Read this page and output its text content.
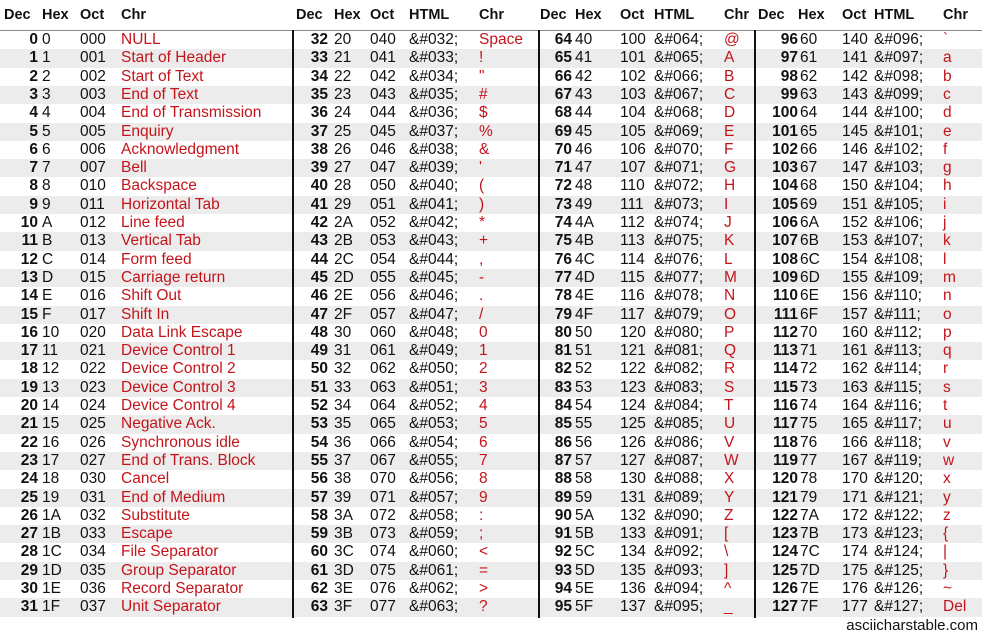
Dec Hex Oct Chr
0 0	000 NULL
1 1	001 Start of Header
2 2	002 Start of Text
3 3	003 End of Text
4 4	004 End of Transmission
5 5	005 Enquiry
6 6	006 Acknowledgment
7 7	007 Bell
8 8	010 Backspace
9 9	011	Horizontal Tab
10 A	012 Line feed
11 B	013 Vertical Tab
12 C	014 Form feed
13 D	015 Carriage return
14 E	016 Shift Out
15 F	017 Shift In
16 10	020 Data Link Escape
17 11	021 Device Control 1
18 12	022 Device Control 2
19 13	023 Device Control 3
20 14	024 Device Control 4
21 15	025 Negative Ack.
22 16	026 Synchronous idle
23 17	027 End of Trans. Block
24 18	030 Cancel
25 19	031 End of Medium
26 1A	032 Substitute
27 1B	033 Escape
28 1C	034 File Separator
29 1D	035 Group Separator
30 1E	036 Record Separator
31 1F	037 Unit Separator
Dec Hex Oct HTML Chr
32 20	040 &#032;	Space
33 21	041 &#033;	!
34 22	042 &#034;	"
35 23	043 &#035;	#
36 24	044 &#036;	$
37 25	045 &#037;	%
38 26	046 &#038;	&
39 27	047 &#039;	'
40 28	050 &#040;	(
41 29	051 &#041;	)
42 2A	052 &#042;	*
43 2B	053 &#043;	+
44 2C	054 &#044;	,
45 2D	055 &#045;	-
46 2E	056 &#046;	.
47 2F	057 &#047;	/
48 30	060 &#048;	0
49 31	061 &#049;	1
50 32	062 &#050;	2
51 33	063 &#051;	3
52 34	064 &#052;	4
53 35	065 &#053;	5
54 36	066 &#054;	6
55 37	067 &#055;	7
56 38	070 &#056;	8
57 39	071 &#057;	9
58 3A	072 &#058;	:
59 3B	073 &#059;	;
60 3C	074 &#060;	<
61 3D	075 &#061;	=
62 3E	076 &#062;	>
63 3F	077 &#063;	?
Dec Hex Oct HTML Chr
64 40	100 &#064;	@
65 41	101 &#065;	A
66 42	102 &#066;	B
67 43	103 &#067;	C
68 44	104 &#068;	D
69 45	105 &#069;	E
70 46	106 &#070;	F
71 47	107 &#071;	G
72 48	110 &#072;	H
73 49	111 &#073;	I
74 4A	112 &#074;	J
75 4B	113 &#075;	K
76 4C	114 &#076;	L
77 4D	115 &#077;	M
78 4E	116 &#078;	N
79 4F	117 &#079;	O
80 50	120 &#080;	P
81 51	121 &#081;	Q
82 52	122 &#082;	R
83 53	123 &#083;	S
84 54	124 &#084;	T
85 55	125 &#085;	U
86 56	126 &#086;	V
87 57	127 &#087;	W
88 58	130 &#088;	X
89 59	131 &#089;	Y
90 5A	132 &#090;	Z
91 5B	133 &#091;	[
92 5C	134 &#092;	\
93 5D	135 &#093;	]
94 5E	136 &#094;	^
95 5F	137 &#095;	_
Dec Hex Oct HTML Chr
96 60	140 &#096;	`
97 61	141 &#097;	a
98 62	142 &#098;	b
99 63	143 &#099;	c
100 64	144 &#100;	d
101 65	145 &#101;	e
102 66	146 &#102;	f
103 67	147 &#103;	g
104 68	150 &#104;	h
105 69	151 &#105;	i
106 6A	152 &#106;	j
107 6B	153 &#107;	k
108 6C	154 &#108;	l
109 6D	155 &#109;	m
110 6E	156 &#110;	n
111 6F	157 &#111;	o
112 70	160 &#112;	p
113 71	161 &#113;	q
114 72	162 &#114;	r
115 73	163 &#115;	s
116 74	164 &#116;	t
117 75	165 &#117;	u
118 76	166 &#118;	v
119 77	167 &#119;	w
120 78	170 &#120;	x
121 79	171 &#121;	y
122 7A	172 &#122;	z
123 7B	173 &#123;	{
124 7C	174 &#124;	|
125 7D	175 &#125;	}
126 7E	176 &#126;	~
127 7F	177 &#127;	Del
asciicharstable.com
